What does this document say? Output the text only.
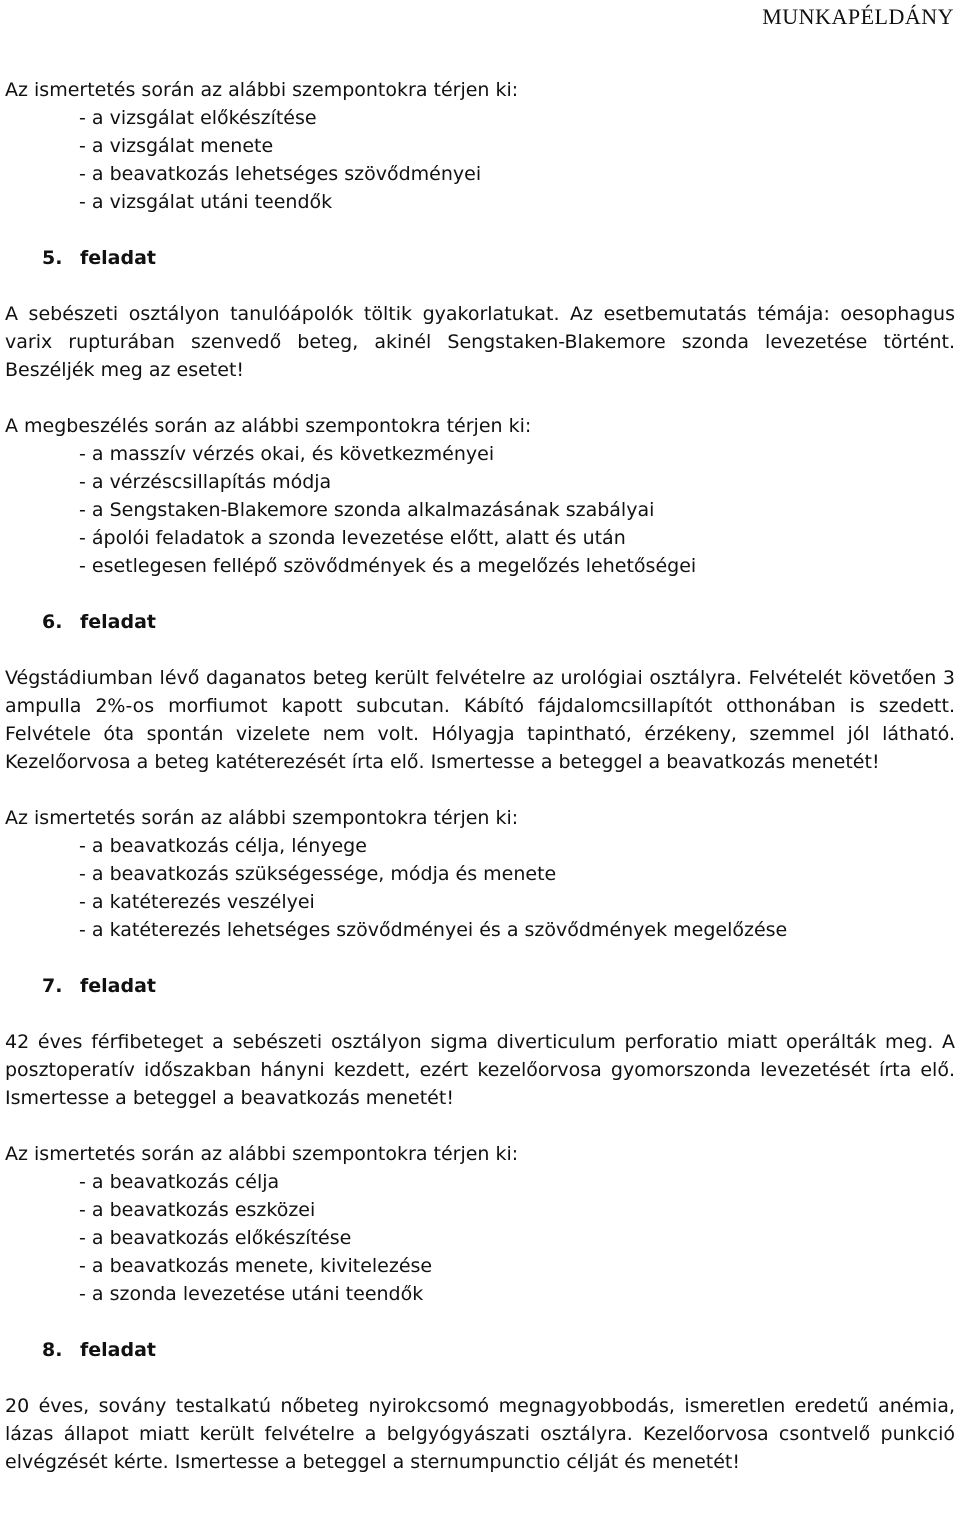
MUNKAPÉLDÁNY

Az ismertetés során az alábbi szempontokra térjen ki:

- a vizsgálat előkészítése
- a vizsgálat menete
- a beavatkozás lehetséges szövődményei
- a vizsgálat utáni teendők

5. feladat

A sebészeti osztályon tanulóápolók töltik gyakorlatukat. Az esetbemutatás témája: oesophagus varix rupturában szenvedő beteg, akinél Sengstaken-Blakemore szonda levezetése történt. Beszéljék meg az esetet!

A megbeszélés során az alábbi szempontokra térjen ki:

- a masszív vérzés okai, és következményei
- a vérzéscsillapítás módja
- a Sengstaken-Blakemore szonda alkalmazásának szabályai
- ápolói feladatok a szonda levezetése előtt, alatt és után
- esetlegesen fellépő szövődmények és a megelőzés lehetőségei

6. feladat

Végstádiumban lévő daganatos beteg került felvételre az urológiai osztályra. Felvételét követően 3 ampulla 2%-os morfiumot kapott subcutan. Kábító fájdalomcsillapítót otthonában is szedett. Felvétele óta spontán vizelete nem volt. Hólyagja tapintható, érzékeny, szemmel jól látható. Kezelőorvosa a beteg katéterezését írta elő. Ismertesse a beteggel a beavatkozás menetét!

Az ismertetés során az alábbi szempontokra térjen ki:

- a beavatkozás célja, lényege
- a beavatkozás szükségessége, módja és menete
- a katéterezés veszélyei
- a katéterezés lehetséges szövődményei és a szövődmények megelőzése

7. feladat

42 éves férfibeteget a sebészeti osztályon sigma diverticulum perforatio miatt operálták meg. A posztoperatív időszakban hányni kezdett, ezért kezelőorvosa gyomorszonda levezetését írta elő. Ismertesse a beteggel a beavatkozás menetét!

Az ismertetés során az alábbi szempontokra térjen ki:

- a beavatkozás célja
- a beavatkozás eszközei
- a beavatkozás előkészítése
- a beavatkozás menete, kivitelezése
- a szonda levezetése utáni teendők

8. feladat

20 éves, sovány testalkatú nőbeteg nyirokcsomó megnagyobbodás, ismeretlen eredetű anémia, lázas állapot miatt került felvételre a belgyógyászati osztályra. Kezelőorvosa csontvelő punkció elvégzését kérte. Ismertesse a beteggel a sternumpunctio célját és menetét!
